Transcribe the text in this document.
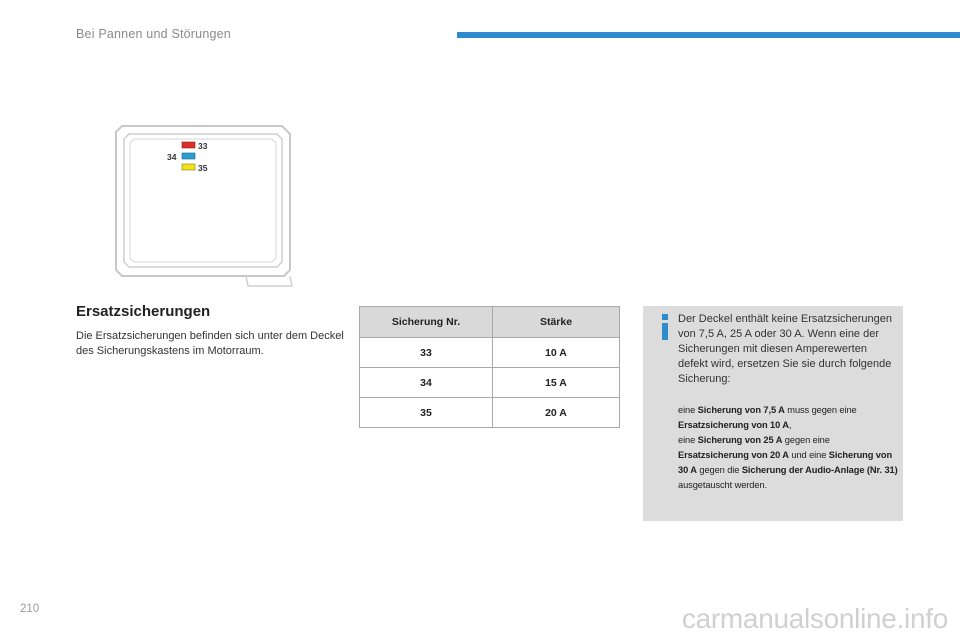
Bei Pannen und Störungen
33
34
35
Ersatzsicherungen
Die Ersatzsicherungen befinden sich unter dem Deckel des Sicherungskastens im Motorraum.
Sicherung Nr.	Stärke
33	10 A
34	15 A
35	20 A
Der Deckel enthält keine Ersatzsicherungen von 7,5 A, 25 A oder 30 A. Wenn eine der Sicherungen mit diesen Amperewerten defekt wird, ersetzen Sie sie durch folgende Sicherung:
eine Sicherung von 7,5 A muss gegen eine Ersatzsicherung von 10 A,
eine Sicherung von 25 A gegen eine Ersatzsicherung von 20 A und eine Sicherung von 30 A gegen die Sicherung der Audio-Anlage (Nr. 31) ausgetauscht werden.
210	carmanualsonline.info
